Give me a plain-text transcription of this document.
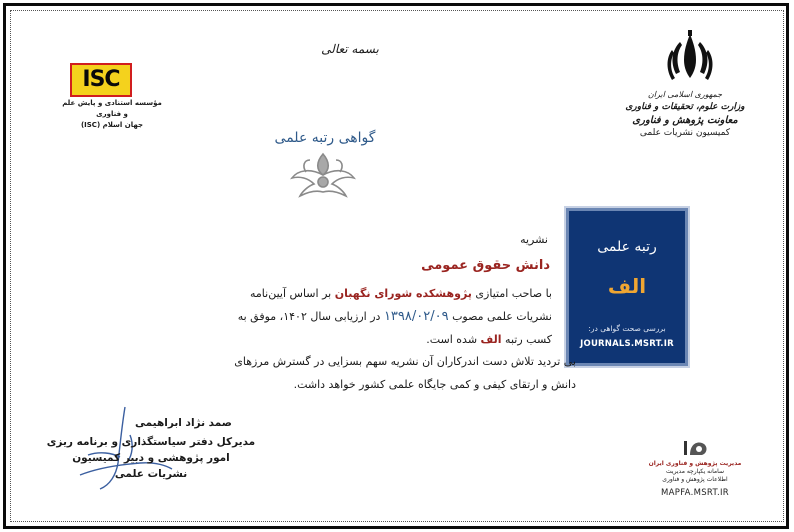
جمهوری اسلامی ایران
وزارت علوم، تحقیقات و فناوری
معاونت پژوهش و فناوری
کمیسیون نشریات علمی
ISC
مؤسسه استنادی و پایش علم و فناوری
جهان اسلام (ISC)
بسمه تعالی
گواهی رتبه علمی
رتبه علمی
الف
بررسی صحت گواهی در:
JOURNALS.MSRT.IR
نشریه
دانش حقوق عمومی
با صاحب امتیازی پژوهشکده شورای نگهبان بر اساس آیین‌نامه نشریات علمی مصوب ۱۳۹۸/۰۲/۰۹ در ارزیابی سال ۱۴۰۲، موفق به کسب رتبه الف شده است.
بی تردید تلاش دست اندرکاران آن نشریه سهم بسزایی در گسترش مرزهای دانش و ارتقای کیفی و کمی جایگاه علمی کشور خواهد داشت.
صمد نژاد ابراهیمی
مدیرکل دفتر سیاستگذاری و برنامه ریزی
امور پژوهشی و دبیر کمیسیون
نشریات علمی
مدیریت پژوهش و فناوری ایران
سامانه یکپارچه مدیریت
اطلاعات پژوهش و فناوری
MAPFA.MSRT.IR
